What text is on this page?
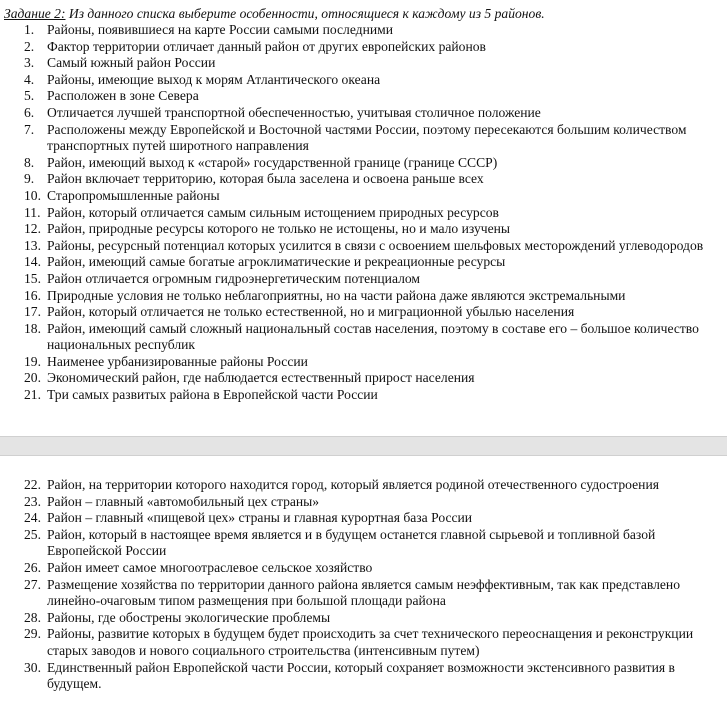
Задание 2: Из данного списка выберите особенности, относящиеся к каждому из 5 районов.
1. Районы, появившиеся на карте России самыми последними
2. Фактор территории отличает данный район от других европейских районов
3. Самый южный район России
4. Районы, имеющие выход к морям Атлантического океана
5. Расположен в зоне Севера
6. Отличается лучшей транспортной обеспеченностью, учитывая столичное положение
7. Расположены между Европейской и Восточной частями России, поэтому пересекаются большим количеством транспортных путей широтного направления
8. Район, имеющий выход к «старой» государственной границе (границе СССР)
9. Район включает территорию, которая была заселена и освоена раньше всех
10. Старопромышленные районы
11. Район, который отличается самым сильным истощением природных ресурсов
12. Район, природные ресурсы которого не только не истощены, но и мало изучены
13. Районы, ресурсный потенциал которых усилится в связи с освоением шельфовых месторождений углеводородов
14. Район, имеющий самые богатые агроклиматические и рекреационные ресурсы
15. Район отличается огромным гидроэнергетическим потенциалом
16. Природные условия не только неблагоприятны, но на части района даже являются экстремальными
17. Район, который отличается не только естественной, но и миграционной убылью населения
18. Район, имеющий самый сложный национальный состав населения, поэтому в составе его – большое количество национальных республик
19. Наименее урбанизированные районы России
20. Экономический район, где наблюдается естественный прирост населения
21. Три самых развитых района в Европейской части России
22. Район, на территории которого находится город, который является родиной отечественного судостроения
23. Район – главный «автомобильный цех страны»
24. Район – главный «пищевой цех» страны и главная курортная база России
25. Район, который в настоящее время является и в будущем останется главной сырьевой и топливной базой Европейской России
26. Район имеет самое многоотраслевое сельское хозяйство
27. Размещение хозяйства по территории данного района является самым неэффективным, так как представлено линейно-очаговым типом размещения при большой площади района
28. Районы, где обострены экологические проблемы
29. Районы, развитие которых в будущем будет происходить за счет технического переоснащения и реконструкции старых заводов и нового социального строительства (интенсивным путем)
30. Единственный район Европейской части России, который сохраняет возможности экстенсивного развития в будущем.
